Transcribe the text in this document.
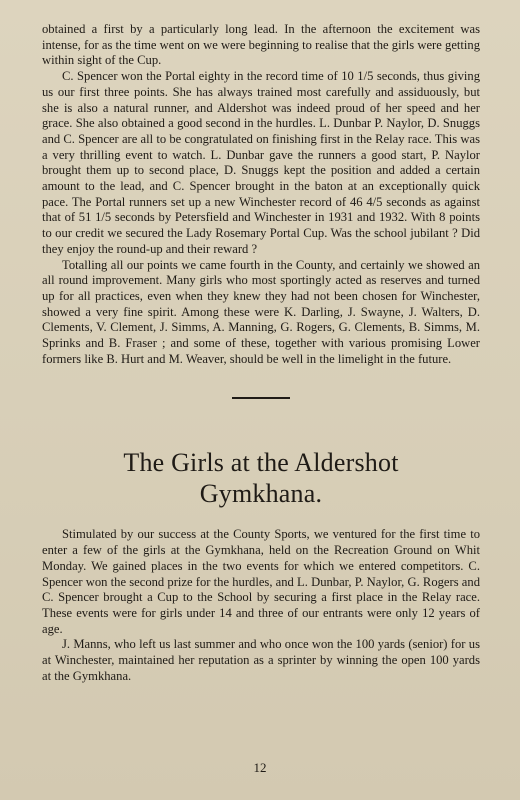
obtained a first by a particularly long lead. In the afternoon the excitement was intense, for as the time went on we were beginning to realise that the girls were getting within sight of the Cup.

C. Spencer won the Portal eighty in the record time of 10 1/5 seconds, thus giving us our first three points. She has always trained most carefully and assiduously, but she is also a natural runner, and Aldershot was indeed proud of her speed and her grace. She also obtained a good second in the hurdles. L. Dunbar P. Naylor, D. Snuggs and C. Spencer are all to be congratulated on finishing first in the Relay race. This was a very thrilling event to watch. L. Dunbar gave the runners a good start, P. Naylor brought them up to second place, D. Snuggs kept the position and added a certain amount to the lead, and C. Spencer brought in the baton at an exceptionally quick pace. The Portal runners set up a new Winchester record of 46 4/5 seconds as against that of 51 1/5 seconds by Petersfield and Winchester in 1931 and 1932. With 8 points to our credit we secured the Lady Rosemary Portal Cup. Was the school jubilant ? Did they enjoy the round-up and their reward ?

Totalling all our points we came fourth in the County, and certainly we showed an all round improvement. Many girls who most sportingly acted as reserves and turned up for all practices, even when they knew they had not been chosen for Winchester, showed a very fine spirit. Among these were K. Darling, J. Swayne, J. Walters, D. Clements, V. Clement, J. Simms, A. Manning, G. Rogers, G. Clements, B. Simms, M. Sprinks and B. Fraser ; and some of these, together with various promising Lower formers like B. Hurt and M. Weaver, should be well in the limelight in the future.

The Girls at the Aldershot
Gymkhana.

Stimulated by our success at the County Sports, we ventured for the first time to enter a few of the girls at the Gymkhana, held on the Recreation Ground on Whit Monday. We gained places in the two events for which we entered competitors. C. Spencer won the second prize for the hurdles, and L. Dunbar, P. Naylor, G. Rogers and C. Spencer brought a Cup to the School by securing a first place in the Relay race. These events were for girls under 14 and three of our entrants were only 12 years of age.

J. Manns, who left us last summer and who once won the 100 yards (senior) for us at Winchester, maintained her reputation as a sprinter by winning the open 100 yards at the Gymkhana.

12
